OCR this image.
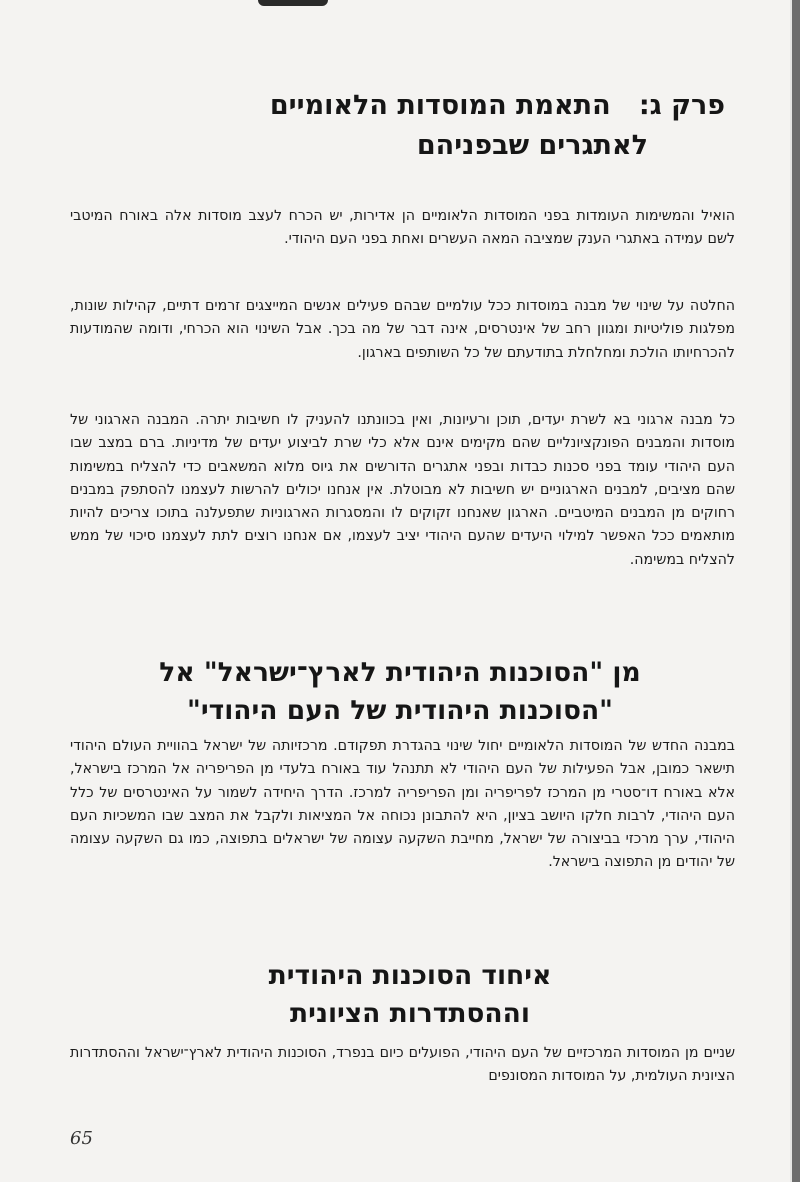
פרק ג:   התאמת המוסדות הלאומיים
לאתגרים שבפניהם

הואיל והמשימות העומדות בפני המוסדות הלאומיים הן אדירות, יש הכרח לעצב מוסדות אלה באורח המיטבי לשם עמידה באתגרי הענק שמציבה המאה העשרים ואחת בפני העם היהודי.

החלטה על שינוי של מבנה במוסדות ככל עולמיים שבהם פעילים אנשים המייצגים זרמים דתיים, קהילות שונות, מפלגות פוליטיות ומגוון רחב של אינטרסים, אינה דבר של מה בכך. אבל השינוי הוא הכרחי, ודומה שהמודעות להכרחיותו הולכת ומחלחלת בתודעתם של כל השותפים בארגון.

כל מבנה ארגוני בא לשרת יעדים, תוכן ורעיונות, ואין בכוונתנו להעניק לו חשיבות יתרה. המבנה הארגוני של מוסדות והמבנים הפונקציונליים שהם מקימים אינם אלא כלי שרת לביצוע יעדים של מדיניות. ברם במצב שבו העם היהודי עומד בפני סכנות כבדות ובפני אתגרים הדורשים את גיוס מלוא המשאבים כדי להצליח במשימות שהם מציבים, למבנים הארגוניים יש חשיבות לא מבוטלת. אין אנחנו יכולים להרשות לעצמנו להסתפק במבנים רחוקים מן המבנים המיטביים. הארגון שאנחנו זקוקים לו והמסגרות הארגוניות שתפעלנה בתוכו צריכים להיות מותאמים ככל האפשר למילוי היעדים שהעם היהודי יציב לעצמו, אם אנחנו רוצים לתת לעצמנו סיכוי של ממש להצליח במשימה.

מן "הסוכנות היהודית לארץ־ישראל" אל
"הסוכנות היהודית של העם היהודי"

במבנה החדש של המוסדות הלאומיים יחול שינוי בהגדרת תפקודם. מרכזיותה של ישראל בהוויית העולם היהודי תישאר כמובן, אבל הפעילות של העם היהודי לא תתנהל עוד באורח בלעדי מן הפריפריה אל המרכז בישראל, אלא באורח דו־סטרי מן המרכז לפריפריה ומן הפריפריה למרכז. הדרך היחידה לשמור על האינטרסים של כלל העם היהודי, לרבות חלקו היושב בציון, היא להתבונן נכוחה אל המציאות ולקבל את המצב שבו המשכיות העם היהודי, ערך מרכזי בביצורה של ישראל, מחייבת השקעה עצומה של ישראלים בתפוצה, כמו גם השקעה עצומה של יהודים מן התפוצה בישראל.

איחוד הסוכנות היהודית
וההסתדרות הציונית

שניים מן המוסדות המרכזיים של העם היהודי, הפועלים כיום בנפרד, הסוכנות היהודית לארץ־ישראל וההסתדרות הציונית העולמית, על המוסדות המסונפים

65
